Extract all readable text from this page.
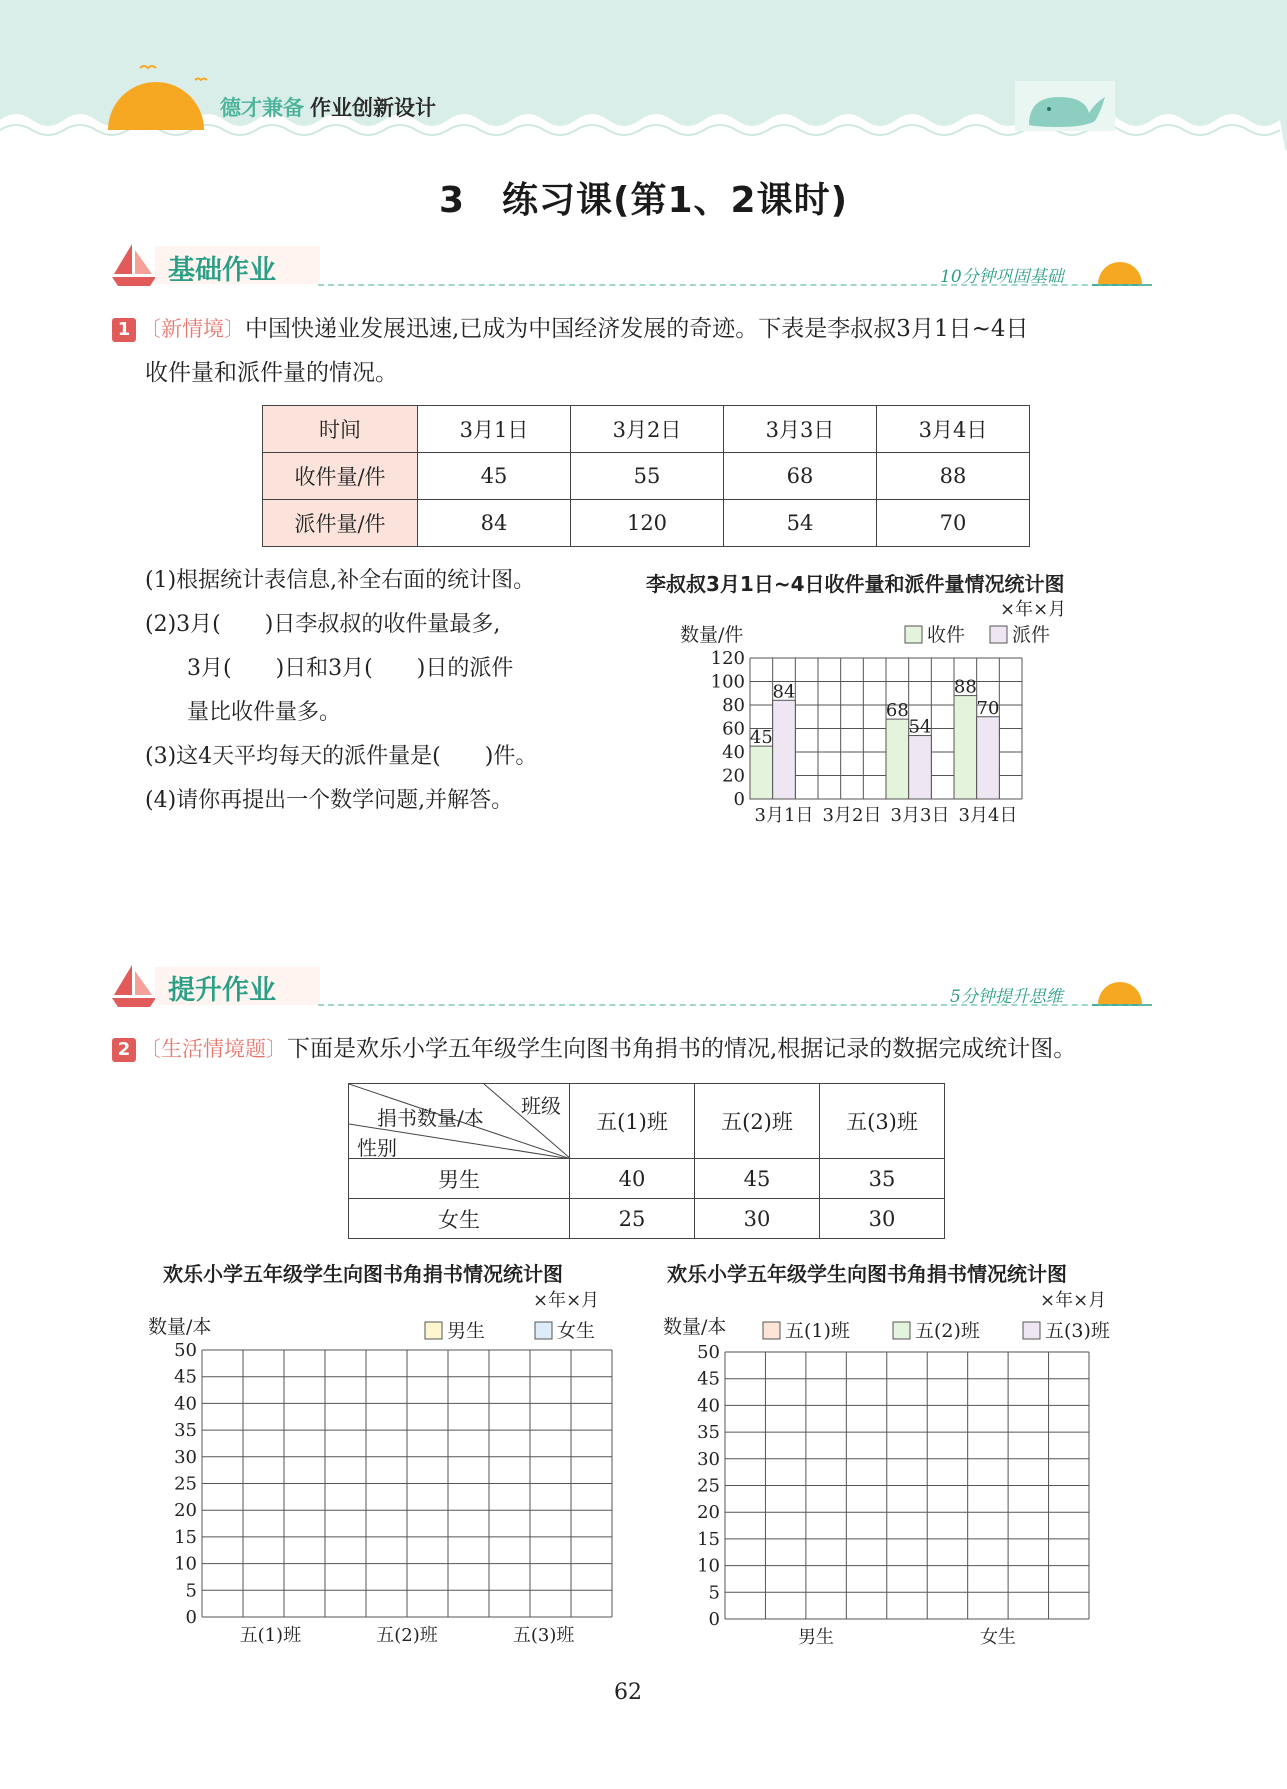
德才兼备 作业创新设计
3　练习课(第1、2课时)
基础作业	10分钟巩固基础
1 〔新情境〕中国快递业发展迅速,已成为中国经济发展的奇迹。下表是李叔叔3月1日~4日
收件量和派件量的情况。
时间	3月1日	3月2日	3月3日	3月4日
收件量/件	45	55	68	88
派件量/件	84	120	54	70
(1)根据统计表信息,补全右面的统计图。
(2)3月(　　)日李叔叔的收件量最多,
3月(　　)日和3月(　　)日的派件
量比收件量多。
(3)这4天平均每天的派件量是(　　)件。
(4)请你再提出一个数学问题,并解答。
李叔叔3月1日~4日收件量和派件量情况统计图
×年×月
数量/件	收件 派件
0
20
40
60
80
100
120
3月1日 3月2日 3月3日 3月4日
45
84
68
54
88
70
提升作业	5分钟提升思维
2 〔生活情境题〕下面是欢乐小学五年级学生向图书角捐书的情况,根据记录的数据完成统计图。
班级
捐书数量/本
性别	五(1)班	五(2)班	五(3)班
男生	40	45	35
女生	25	30	30
欢乐小学五年级学生向图书角捐书情况统计图
×年×月
数量/本	男生	女生
0
5
10
15
20
25
30
35
40
45
50
五(1)班	五(2)班	五(3)班
欢乐小学五年级学生向图书角捐书情况统计图
×年×月
数量/本	五(1)班	五(2)班	五(3)班
0
5
10
15
20
25
30
35
40
45
50
男生	女生
62
